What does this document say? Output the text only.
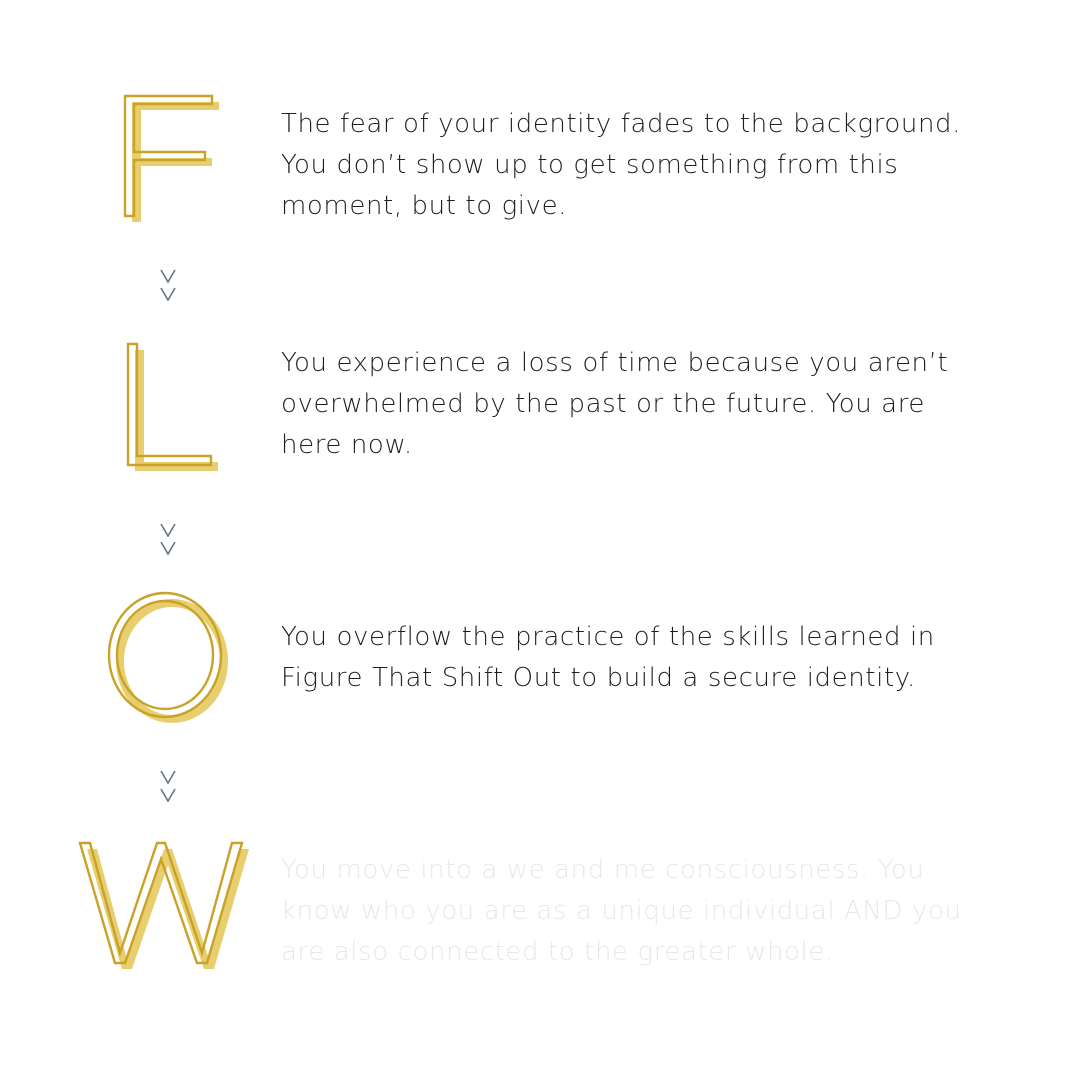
The fear of your identity fades to the background.
You don’t show up to get something from this
moment, but to give.

You experience a loss of time because you aren’t
overwhelmed by the past or the future. You are
here now.

You overflow the practice of the skills learned in
Figure That Shift Out to build a secure identity.

You move into a we and me consciousness. You
know who you are as a unique individual AND you
are also connected to the greater whole.
